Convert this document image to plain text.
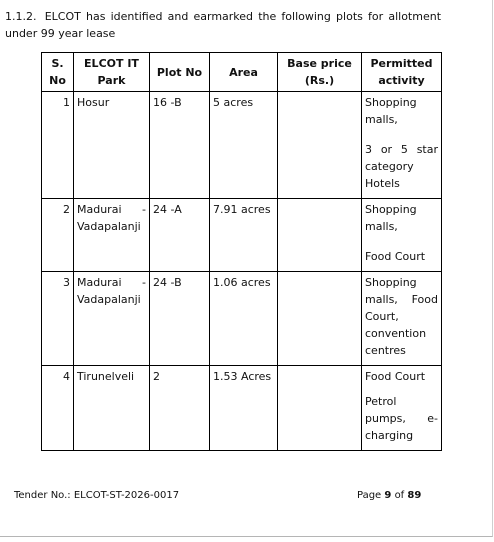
1.1.2. ELCOT has identified and earmarked the following plots for allotment under 99 year lease

S. No	ELCOT IT Park	Plot No	Area	Base price (Rs.)	Permitted activity
1	Hosur	16 -B	5 acres		Shopping malls,
3 or 5 star category Hotels

2	Madurai - Vadapalanji	24 -A	7.91 acres		Shopping malls,
Food Court

3	Madurai - Vadapalanji	24 -B	1.06 acres		Shopping malls, Food Court, convention centres

4	Tirunelveli	2	1.53 Acres		Food Court
Petrol pumps, e-charging
Tender No.: ELCOT-ST-2026-0017	Page 9 of 89
